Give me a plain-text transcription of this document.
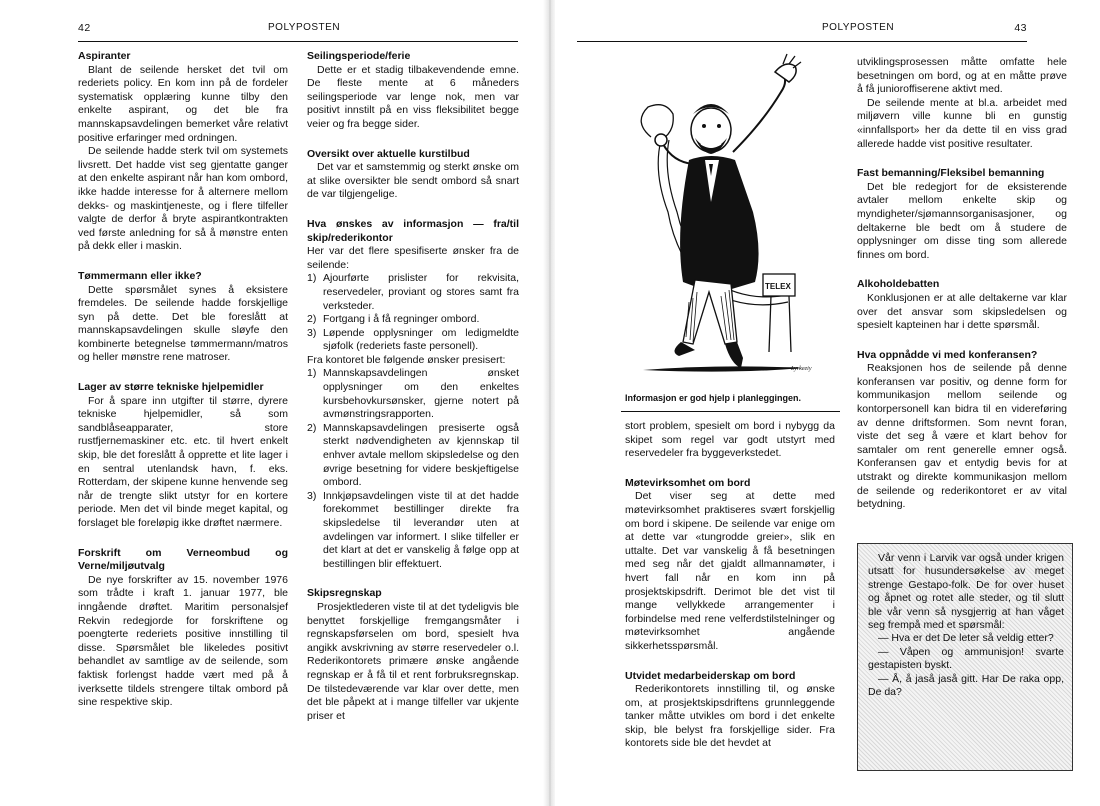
42	POLYPOSTEN
Aspiranter

Blant de seilende hersket det tvil om rederiets policy. En kom inn på de fordeler systematisk opplæring kunne tilby den enkelte aspirant, og det ble fra mannskapsavdelingen bemerket våre relativt positive erfaringer med ordningen.

De seilende hadde sterk tvil om systemets livsrett. Det hadde vist seg gjentatte ganger at den enkelte aspirant når han kom ombord, ikke hadde interesse for å alternere mellom dekks- og maskintjeneste, og i flere tilfeller valgte de derfor å bryte aspirantkontrakten ved første anledning for så å mønstre enten på dekk eller i maskin.

Tømmermann eller ikke?

Dette spørsmålet synes å eksistere fremdeles. De seilende hadde forskjellige syn på dette. Det ble foreslått at mannskapsavdelingen skulle sløyfe den kombinerte betegnelse tømmermann/matros og heller mønstre rene matroser.

Lager av større tekniske hjelpemidler

For å spare inn utgifter til større, dyrere tekniske hjelpemidler, så som sandblåseapparater, store rustfjernemaskiner etc. etc. til hvert enkelt skip, ble det foreslått å opprette et lite lager i en sentral utenlandsk havn, f. eks. Rotterdam, der skipene kunne henvende seg når de trengte slikt utstyr for en kortere periode. Men det vil binde meget kapital, og forslaget ble foreløpig ikke drøftet nærmere.

Forskrift om Verneombud og Verne/miljøutvalg

De nye forskrifter av 15. november 1976 som trådte i kraft 1. januar 1977, ble inngående drøftet. Maritim personalsjef Rekvin redegjorde for forskriftene og poengterte rederiets positive innstilling til disse. Spørsmålet ble likeledes positivt behandlet av samtlige av de seilende, som faktisk forlengst hadde vært med på å iverksette tildels strengere tiltak ombord på sine respektive skip.

Seilingsperiode/ferie

Dette er et stadig tilbakevendende emne. De fleste mente at 6 måneders seilingsperiode var lenge nok, men var positivt innstilt på en viss fleksibilitet begge veier og fra begge sider.

Oversikt over aktuelle kurstilbud

Det var et samstemmig og sterkt ønske om at slike oversikter ble sendt ombord så snart de var tilgjengelige.

Hva ønskes av informasjon — fra/til skip/rederikontor

Her var det flere spesifiserte ønsker fra de seilende:

1) Ajourførte prislister for rekvisita, reservedeler, proviant og stores samt fra verksteder.
2) Fortgang i å få regninger ombord.
3) Løpende opplysninger om ledigmeldte sjøfolk (rederiets faste personell).

Fra kontoret ble følgende ønsker presisert:

1) Mannskapsavdelingen ønsket opplysninger om den enkeltes kursbehovkursønsker, gjerne notert på avmønstringsrapporten.
2) Mannskapsavdelingen presiserte også sterkt nødvendigheten av kjennskap til enhver avtale mellom skipsledelse og den øvrige besetning for videre beskjeftigelse ombord.
3) Innkjøpsavdelingen viste til at det hadde forekommet bestillinger direkte fra skipsledelse til leverandør uten at avdelingen var informert. I slike tilfeller er det klart at det er vanskelig å følge opp at bestillingen blir effektuert.
Skipsregnskap

Prosjektlederen viste til at det tydeligvis ble benyttet forskjellige fremgangsmåter i regnskapsførselen om bord, spesielt hva angikk avskrivning av større reservedeler o.l. Rederikontorets primære ønske angående regnskap er å få til et rent forbruksregnskap. De tilstedeværende var klar over dette, men det ble påpekt at i mange tilfeller var ukjente priser et

POLYPOSTEN	43
TELEX
Lyrkeeiy
Informasjon er god hjelp i planleggingen.

stort problem, spesielt om bord i nybygg da skipet som regel var godt utstyrt med reservedeler fra byggeverkstedet.

Møtevirksomhet om bord

Det viser seg at dette med møtevirksomhet praktiseres svært forskjellig om bord i skipene. De seilende var enige om at dette var «tungrodde greier», slik en uttalte. Det var vanskelig å få besetningen med seg når det gjaldt allmannamøter, i hvert fall når en kom inn på prosjektskipsdrift. Derimot ble det vist til mange vellykkede arrangementer i forbindelse med rene velferdstilstelninger og møtevirksomhet angående sikkerhetsspørsmål.

Utvidet medarbeiderskap om bord

Rederikontorets innstilling til, og ønske om, at prosjektskipsdriftens grunnleggende tanker måtte utvikles om bord i det enkelte skip, ble belyst fra forskjellige sider. Fra kontorets side ble det hevdet at

utviklingsprosessen måtte omfatte hele besetningen om bord, og at en måtte prøve å få junioroffiserene aktivt med.

De seilende mente at bl.a. arbeidet med miljøvern ville kunne bli en gunstig «innfallsport» her da dette til en viss grad allerede hadde vist positive resultater.

Fast bemanning/Fleksibel bemanning

Det ble redegjort for de eksisterende avtaler mellom enkelte skip og myndigheter/sjømannsorganisasjoner, og deltakerne ble bedt om å studere de opplysninger om disse ting som allerede finnes om bord.

Alkoholdebatten

Konklusjonen er at alle deltakerne var klar over det ansvar som skipsledelsen og spesielt kapteinen har i dette spørsmål.

Hva oppnådde vi med konferansen?

Reaksjonen hos de seilende på denne konferansen var positiv, og denne form for kommunikasjon mellom seilende og kontorpersonell kan bidra til en videreføring av denne driftsformen. Som nevnt foran, viste det seg å være et klart behov for samtaler om rent generelle emner også. Konferansen gav et entydig bevis for at utstrakt og direkte kommunikasjon mellom de seilende og rederikontoret er av vital betydning.

Vår venn i Larvik var også under krigen utsatt for husundersøkelse av meget strenge Gestapo-folk. De for over huset og åpnet og rotet alle steder, og til slutt ble vår venn så nysgjerrig at han våget seg frempå med et spørsmål:

— Hva er det De leter så veldig etter?

— Våpen og ammunisjon! svarte gestapisten byskt.

— Å, å jaså jaså gitt. Har De raka opp, De da?
